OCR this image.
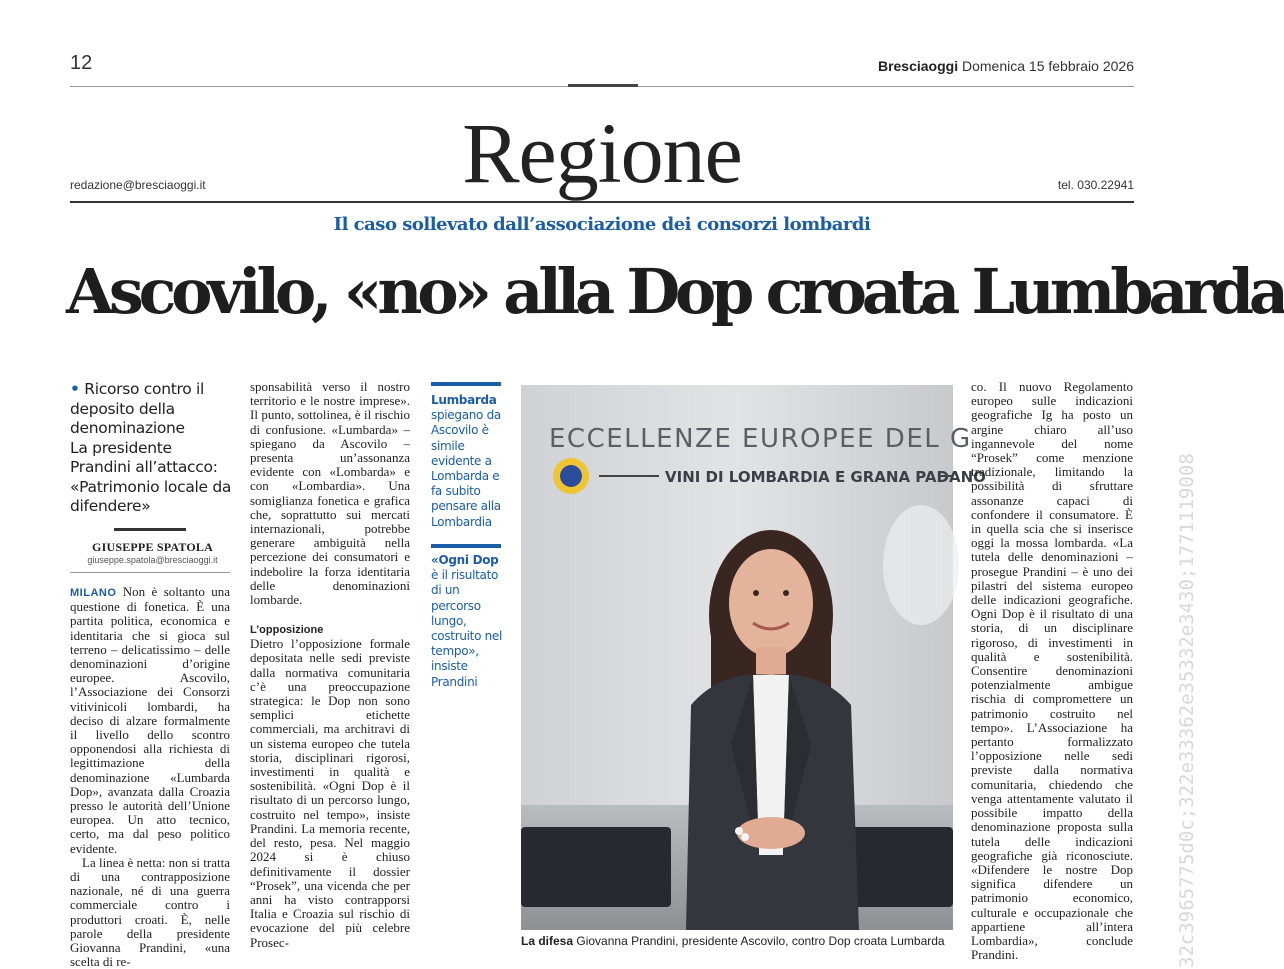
12	Bresciaoggi Domenica 15 febbraio 2026
Regione
redazione@bresciaoggi.it	tel. 030.22941
Il caso sollevato dall’associazione dei consorzi lombardi
Ascovilo, «no» alla Dop croata Lumbarda

• Ricorso contro il deposito della denominazione

La presidente Prandini all’attacco: «Patrimonio locale da difendere»

GIUSEPPE SPATOLA
giuseppe.spatola@bresciaoggi.it

MILANO Non è soltanto una questione di fonetica. È una partita politica, economica e identitaria che si gioca sul terreno – delicatissimo – delle denominazioni d’origine europee. Ascovilo, l’Associazione dei Consorzi vitivinicoli lombardi, ha deciso di alzare formalmente il livello dello scontro opponendosi alla richiesta di legittimazione della denominazione «Lumbarda Dop», avanzata dalla Croazia presso le autorità dell’Unione europea. Un atto tecnico, certo, ma dal peso politico evidente.

La linea è netta: non si tratta di una contrapposizione nazionale, né di una guerra commerciale contro i produttori croati. È, nelle parole della presidente Giovanna Prandini, «una scelta di re-

sponsabilità verso il nostro territorio e le nostre imprese». Il punto, sottolinea, è il rischio di confusione. «Lumbarda» – spiegano da Ascovilo – presenta un’assonanza evidente con «Lombarda» e con «Lombardia». Una somiglianza fonetica e grafica che, soprattutto sui mercati internazionali, potrebbe generare ambiguità nella percezione dei consumatori e indebolire la forza identitaria delle denominazioni lombarde.

L’opposizione

Dietro l’opposizione formale depositata nelle sedi previste dalla normativa comunitaria c’è una preoccupazione strategica: le Dop non sono semplici etichette commerciali, ma architravi di un sistema europeo che tutela storia, disciplinari rigorosi, investimenti in qualità e sostenibilità. «Ogni Dop è il risultato di un percorso lungo, costruito nel tempo», insiste Prandini. La memoria recente, del resto, pesa. Nel maggio 2024 si è chiuso definitivamente il dossier “Prosek”, una vicenda che per anni ha visto contrapporsi Italia e Croazia sul rischio di evocazione del più celebre Prosec-

Lumbarda spiegano da Ascovilo è simile evidente a Lombarda e fa subito pensare alla Lombardia
«Ogni Dop è il risultato di un percorso lungo, costruito nel tempo», insiste Prandini
ECCELLENZE EUROPEE DEL G
VINI DI LOMBARDIA E GRANA PADANO
La difesa Giovanna Prandini, presidente Ascovilo, contro Dop croata Lumbarda

co. Il nuovo Regolamento europeo sulle indicazioni geografiche Ig ha posto un argine chiaro all’uso ingannevole del nome “Prosek” come menzione tradizionale, limitando la possibilità di sfruttare assonanze capaci di confondere il consumatore. È in quella scia che si inserisce oggi la mossa lombarda. «La tutela delle denominazioni – prosegue Prandini – è uno dei pilastri del sistema europeo delle indicazioni geografiche. Ogni Dop è il risultato di una storia, di un disciplinare rigoroso, di investimenti in qualità e sostenibilità. Consentire denominazioni potenzialmente ambigue rischia di compromettere un patrimonio costruito nel tempo». L’Associazione ha pertanto formalizzato l’opposizione nelle sedi previste dalla normativa comunitaria, chiedendo che venga attentamente valutato il possibile impatto della denominazione proposta sulla tutela delle indicazioni geografiche già riconosciute. «Difendere le nostre Dop significa difendere un patrimonio economico, culturale e occupazionale che appartiene all’intera Lombardia», conclude Prandini.	32c3965775d0c;322e33362e35332e3430;1771119008
